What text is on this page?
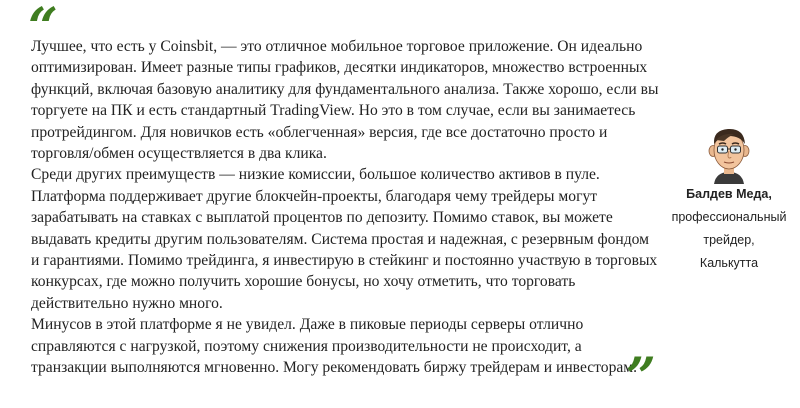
“

Лучшее, что есть у Coinsbit, — это отличное мобильное торговое приложение. Он идеально оптимизирован. Имеет разные типы графиков, десятки индикаторов, множество встроенных функций, включая базовую аналитику для фундаментального анализа. Также хорошо, если вы торгуете на ПК и есть стандартный TradingView. Но это в том случае, если вы занимаетесь протрейдингом. Для новичков есть «облегченная» версия, где все достаточно просто и торговля/обмен осуществляется в два клика.

Среди других преимуществ — низкие комиссии, большое количество активов в пуле. Платформа поддерживает другие блокчейн-проекты, благодаря чему трейдеры могут зарабатывать на ставках с выплатой процентов по депозиту. Помимо ставок, вы можете выдавать кредиты другим пользователям. Система простая и надежная, с резервным фондом и гарантиями. Помимо трейдинга, я инвестирую в стейкинг и постоянно участвую в торговых конкурсах, где можно получить хорошие бонусы, но хочу отметить, что торговать действительно нужно много.

Минусов в этой платформе я не увидел. Даже в пиковые периоды серверы отлично справляются с нагрузкой, поэтому снижения производительности не происходит, а транзакции выполняются мгновенно. Могу рекомендовать биржу трейдерам и инвесторам.

”
Балдев Меда,
профессиональный
трейдер,
Калькутта
